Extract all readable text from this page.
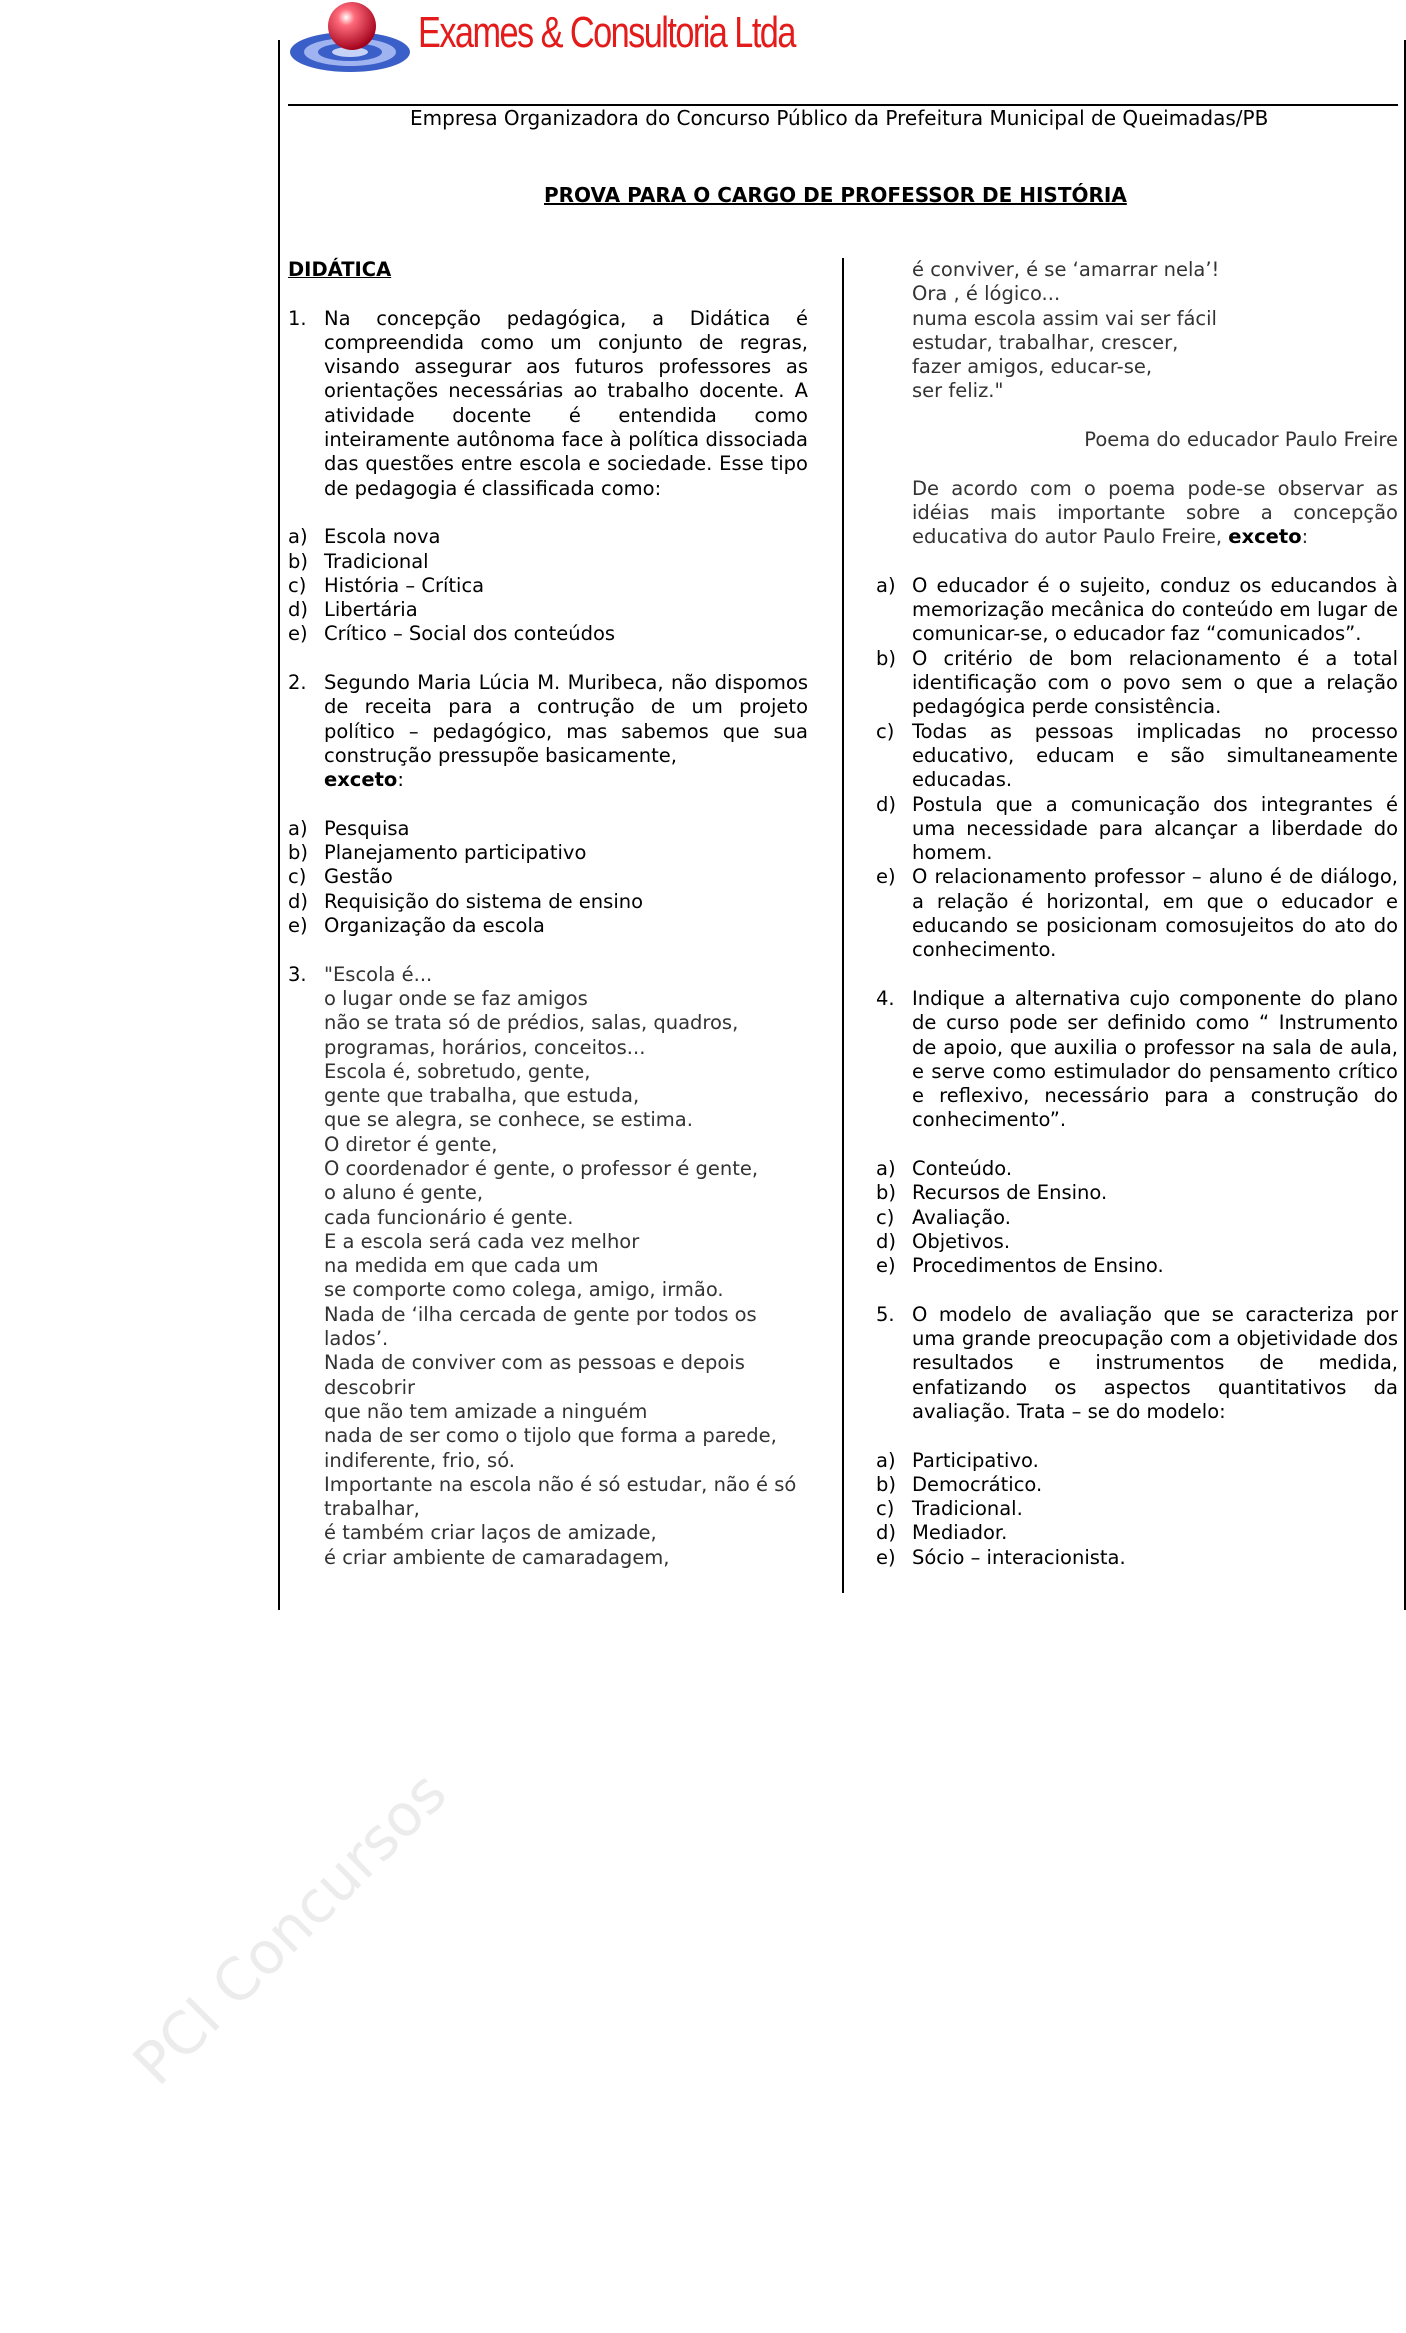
Exames & Consultoria Ltda
Empresa Organizadora do Concurso Público da Prefeitura Municipal de Queimadas/PB
PROVA PARA O CARGO DE PROFESSOR DE HISTÓRIA

DIDÁTICA

1. Na concepção pedagógica, a Didática é compreendida como um conjunto de regras, visando assegurar aos futuros professores as orientações necessárias ao trabalho docente. A atividade docente é entendida como inteiramente autônoma face à política dissociada das questões entre escola e sociedade. Esse tipo de pedagogia é classificada como:
a) Escola nova
b) Tradicional
c) História – Crítica
d) Libertária
e) Crítico – Social dos conteúdos
2. Segundo Maria Lúcia M. Muribeca, não dispomos de receita para a contrução de um projeto político – pedagógico, mas sabemos que sua construção pressupõe basicamente,
exceto:
a) Pesquisa
b) Planejamento participativo
c) Gestão
d) Requisição do sistema de ensino
e) Organização da escola
3. "Escola é...

o lugar onde se faz amigos

não se trata só de prédios, salas, quadros,

programas, horários, conceitos...

Escola é, sobretudo, gente,

gente que trabalha, que estuda,

que se alegra, se conhece, se estima.

O diretor é gente,

O coordenador é gente, o professor é gente,

o aluno é gente,

cada funcionário é gente.

E a escola será cada vez melhor

na medida em que cada um

se comporte como colega, amigo, irmão.

Nada de ‘ilha cercada de gente por todos os lados’.

Nada de conviver com as pessoas e depois descobrir

que não tem amizade a ninguém

nada de ser como o tijolo que forma a parede, indiferente, frio, só.

Importante na escola não é só estudar, não é só trabalhar,

é também criar laços de amizade,

é criar ambiente de camaradagem,

é conviver, é se ‘amarrar nela’!

Ora , é lógico...

numa escola assim vai ser fácil

estudar, trabalhar, crescer,

fazer amigos, educar-se,

ser feliz."

Poema do educador Paulo Freire

De acordo com o poema pode-se observar as idéias mais importante sobre a concepção educativa do autor Paulo Freire, exceto:

a) O educador é o sujeito, conduz os educandos à memorização mecânica do conteúdo em lugar de comunicar-se, o educador faz “comunicados”.
b) O critério de bom relacionamento é a total identificação com o povo sem o que a relação pedagógica perde consistência.
c) Todas as pessoas implicadas no processo educativo, educam e são simultaneamente educadas.
d) Postula que a comunicação dos integrantes é uma necessidade para alcançar a liberdade do homem.
e) O relacionamento professor – aluno é de diálogo, a relação é horizontal, em que o educador e educando se posicionam comosujeitos do ato do conhecimento.
4. Indique a alternativa cujo componente do plano de curso pode ser definido como “ Instrumento de apoio, que auxilia o professor na sala de aula, e serve como estimulador do pensamento crítico e reflexivo, necessário para a construção do conhecimento”.
a) Conteúdo.
b) Recursos de Ensino.
c) Avaliação.
d) Objetivos.
e) Procedimentos de Ensino.
5. O modelo de avaliação que se caracteriza por uma grande preocupação com a objetividade dos resultados e instrumentos de medida, enfatizando os aspectos quantitativos da avaliação. Trata – se do modelo:
a) Participativo.
b) Democrático.
c) Tradicional.
d) Mediador.
e) Sócio – interacionista.
PCI Concursos
